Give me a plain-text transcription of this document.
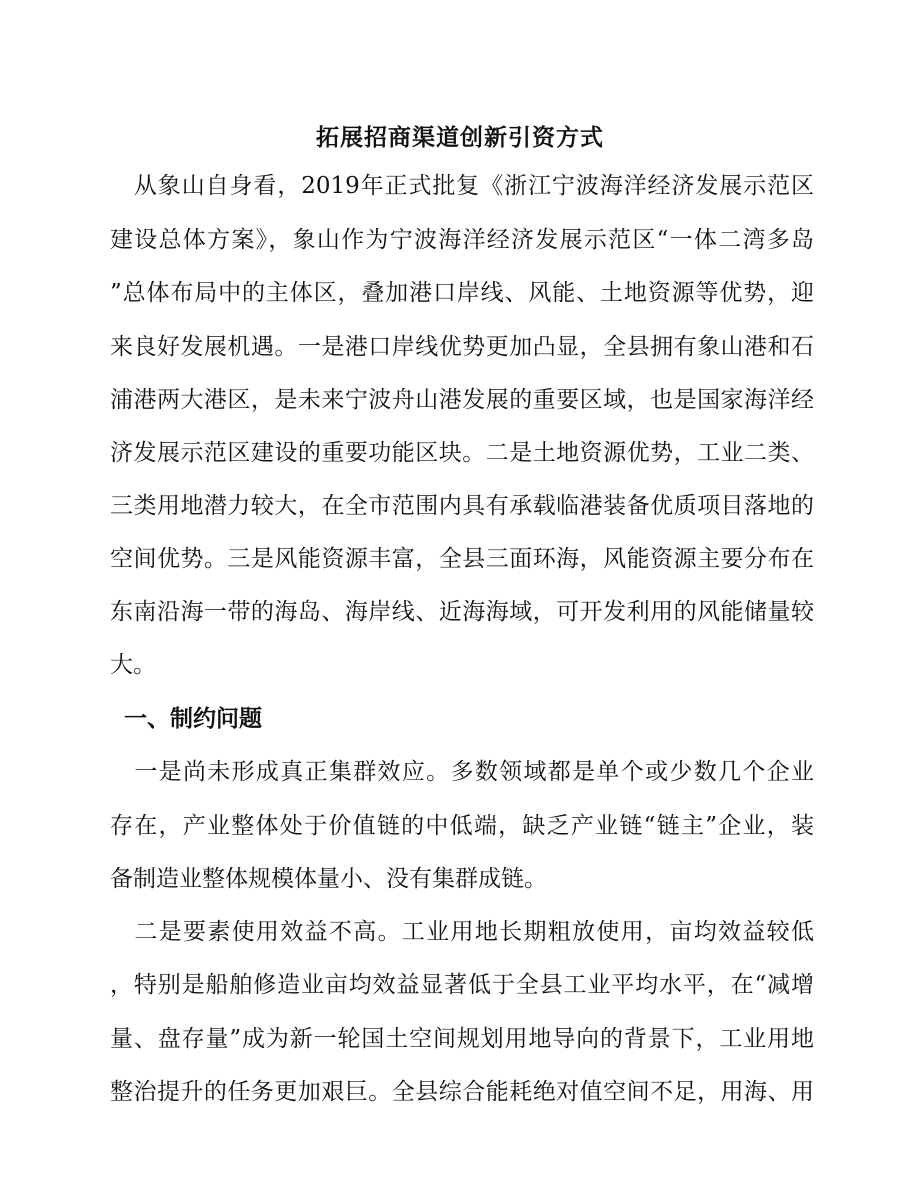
拓展招商渠道创新引资方式
　从象山自身看，2019年正式批复《浙江宁波海洋经济发展示范区
建设总体方案》，象山作为宁波海洋经济发展示范区“一体二湾多岛
”总体布局中的主体区，叠加港口岸线、风能、土地资源等优势，迎
来良好发展机遇。一是港口岸线优势更加凸显，全县拥有象山港和石
浦港两大港区，是未来宁波舟山港发展的重要区域，也是国家海洋经
济发展示范区建设的重要功能区块。二是土地资源优势，工业二类、
三类用地潜力较大，在全市范围内具有承载临港装备优质项目落地的
空间优势。三是风能资源丰富，全县三面环海，风能资源主要分布在
东南沿海一带的海岛、海岸线、近海海域，可开发利用的风能储量较
大。
一、制约问题
　一是尚未形成真正集群效应。多数领域都是单个或少数几个企业
存在，产业整体处于价值链的中低端，缺乏产业链“链主”企业，装
备制造业整体规模体量小、没有集群成链。
　二是要素使用效益不高。工业用地长期粗放使用，亩均效益较低
，特别是船舶修造业亩均效益显著低于全县工业平均水平，在“减增
量、盘存量”成为新一轮国土空间规划用地导向的背景下，工业用地
整治提升的任务更加艰巨。全县综合能耗绝对值空间不足，用海、用
